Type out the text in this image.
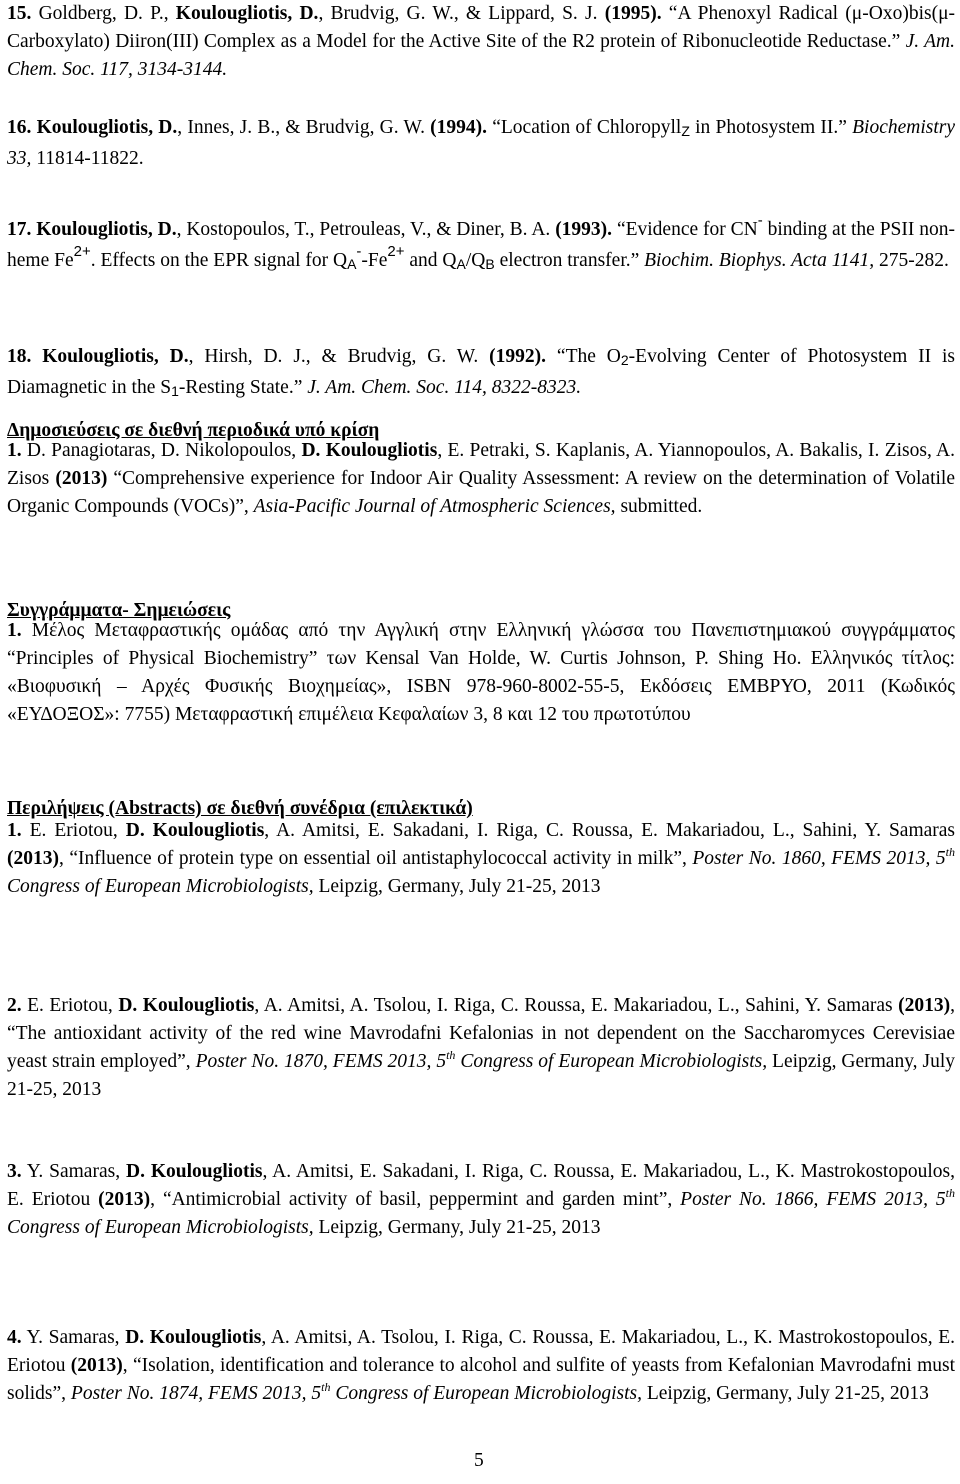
15. Goldberg, D. P., Koulougliotis, D., Brudvig, G. W., & Lippard, S. J. (1995). “A Phenoxyl Radical (μ-Oxo)bis(μ-Carboxylato) Diiron(III) Complex as a Model for the Active Site of the R2 protein of Ribonucleotide Reductase.” J. Am. Chem. Soc. 117, 3134-3144.

16. Koulougliotis, D., Innes, J. B., & Brudvig, G. W. (1994). “Location of Chloropyll$_Z$ in Photosystem II.” Biochemistry 33, 11814-11822.

17. Koulougliotis, D., Kostopoulos, T., Petrouleas, V., & Diner, B. A. (1993). “Evidence for CN- binding at the PSII non-heme $Fe^{2+}$. Effects on the EPR signal for $Q_A^--Fe^{2+}$ and $Q_A/Q_B$ electron transfer.” Biochim. Biophys. Acta 1141, 275-282.

18. Koulougliotis, D., Hirsh, D. J., & Brudvig, G. W. (1992). “The $O_2$-Evolving Center of Photosystem II is Diamagnetic in the $S_1$-Resting State.” J. Am. Chem. Soc. 114, 8322-8323.

Δημοσιεύσεις σε διεθνή περιοδικά υπό κρίση

1. D. Panagiotaras, D. Nikolopoulos, D. Koulougliotis, E. Petraki, S. Kaplanis, A. Yiannopoulos, A. Bakalis, I. Zisos, A. Zisos (2013) “Comprehensive experience for Indoor Air Quality Assessment: A review on the determination of Volatile Organic Compounds (VOCs)”, Asia-Pacific Journal of Atmospheric Sciences, submitted.

Συγγράμματα- Σημειώσεις

1. Μέλος Μεταφραστικής ομάδας από την Αγγλική στην Ελληνική γλώσσα του Πανεπιστημιακού συγγράμματος “Principles of Physical Biochemistry” των Kensal Van Holde, W. Curtis Johnson, P. Shing Ho. Ελληνικός τίτλος: «Βιοφυσική – Αρχές Φυσικής Βιοχημείας», ISBN 978-960-8002-55-5, Εκδόσεις ΕΜΒΡΥΟ, 2011 (Κωδικός «ΕΥΔΟΞΟΣ»: 7755) Μεταφραστική επιμέλεια Κεφαλαίων 3, 8 και 12 του πρωτοτύπου

Περιλήψεις (Abstracts) σε διεθνή συνέδρια (επιλεκτικά)

1. E. Eriotou, D. Koulougliotis, A. Amitsi, E. Sakadani, I. Riga, C. Roussa, E. Makariadou, L., Sahini, Y. Samaras (2013), “Influence of protein type on essential oil antistaphylococcal activity in milk”, Poster No. 1860, FEMS 2013, 5th Congress of European Microbiologists, Leipzig, Germany, July 21-25, 2013

2. E. Eriotou, D. Koulougliotis, A. Amitsi, A. Tsolou, I. Riga, C. Roussa, E. Makariadou, L., Sahini, Y. Samaras (2013), “The antioxidant activity of the red wine Mavrodafni Kefalonias in not dependent on the Saccharomyces Cerevisiae yeast strain employed”, Poster No. 1870, FEMS 2013, 5th Congress of European Microbiologists, Leipzig, Germany, July 21-25, 2013

3. Y. Samaras, D. Koulougliotis, A. Amitsi, E. Sakadani, I. Riga, C. Roussa, E. Makariadou, L., K. Mastrokostopoulos, E. Eriotou (2013), “Antimicrobial activity of basil, peppermint and garden mint”, Poster No. 1866, FEMS 2013, 5th Congress of European Microbiologists, Leipzig, Germany, July 21-25, 2013

4. Y. Samaras, D. Koulougliotis, A. Amitsi, A. Tsolou, I. Riga, C. Roussa, E. Makariadou, L., K. Mastrokostopoulos, E. Eriotou (2013), “Isolation, identification and tolerance to alcohol and sulfite of yeasts from Kefalonian Mavrodafni must solids”, Poster No. 1874, FEMS 2013, 5th Congress of European Microbiologists, Leipzig, Germany, July 21-25, 2013

5
